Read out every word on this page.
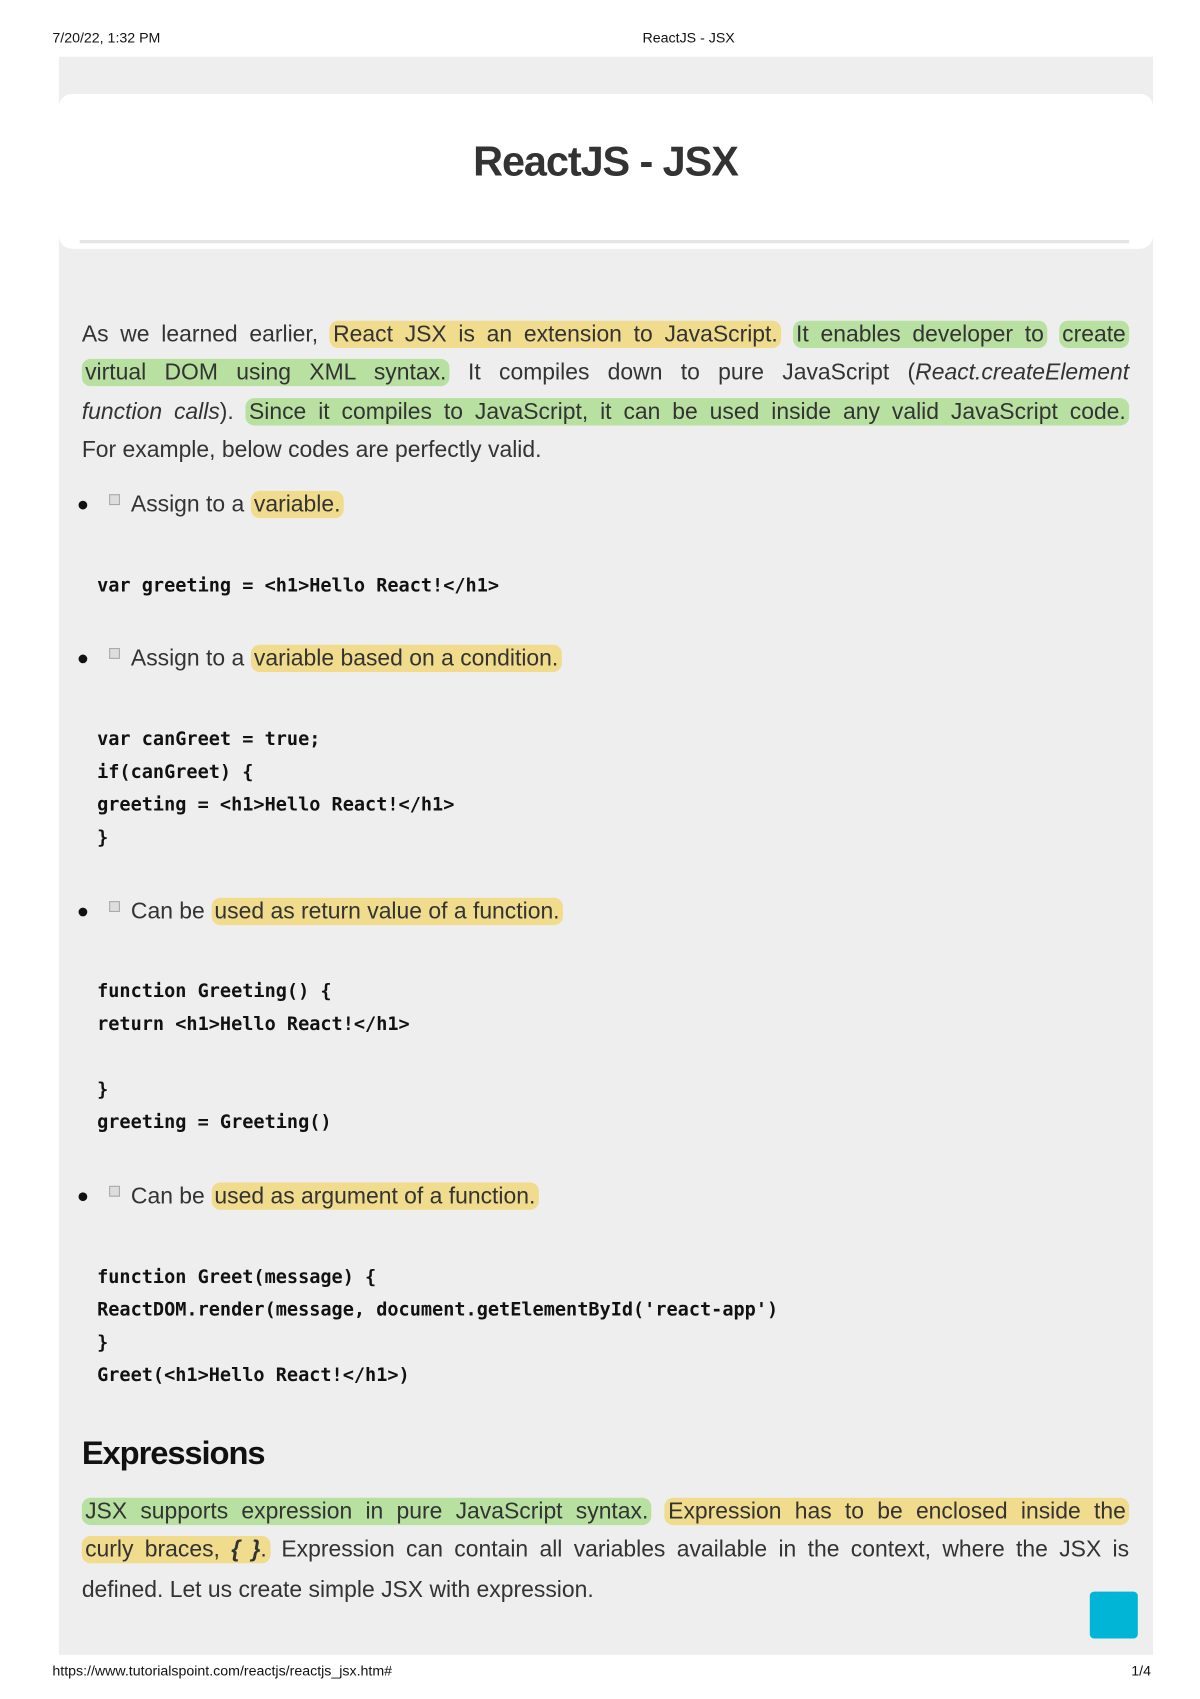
7/20/22, 1:32 PM	ReactJS - JSX
ReactJS - JSX
As we learned earlier, React JSX is an extension to JavaScript. It enables developer to create
virtual DOM using XML syntax. It compiles down to pure JavaScript (React.createElement
function calls). Since it compiles to JavaScript, it can be used inside any valid JavaScript code.
For example, below codes are perfectly valid.
Assign to a variable.
var greeting = <h1>Hello React!</h1>
Assign to a variable based on a condition.
var canGreet = true;
if(canGreet) {
greeting = <h1>Hello React!</h1>
}
Can be used as return value of a function.
function Greeting() {
return <h1>Hello React!</h1>
}
greeting = Greeting()
Can be used as argument of a function.
function Greet(message) {
ReactDOM.render(message, document.getElementById('react-app')
}
Greet(<h1>Hello React!</h1>)
Expressions
JSX supports expression in pure JavaScript syntax. Expression has to be enclosed inside the
curly braces, { }. Expression can contain all variables available in the context, where the JSX is
defined. Let us create simple JSX with expression.
https://www.tutorialspoint.com/reactjs/reactjs_jsx.htm#	1/4
